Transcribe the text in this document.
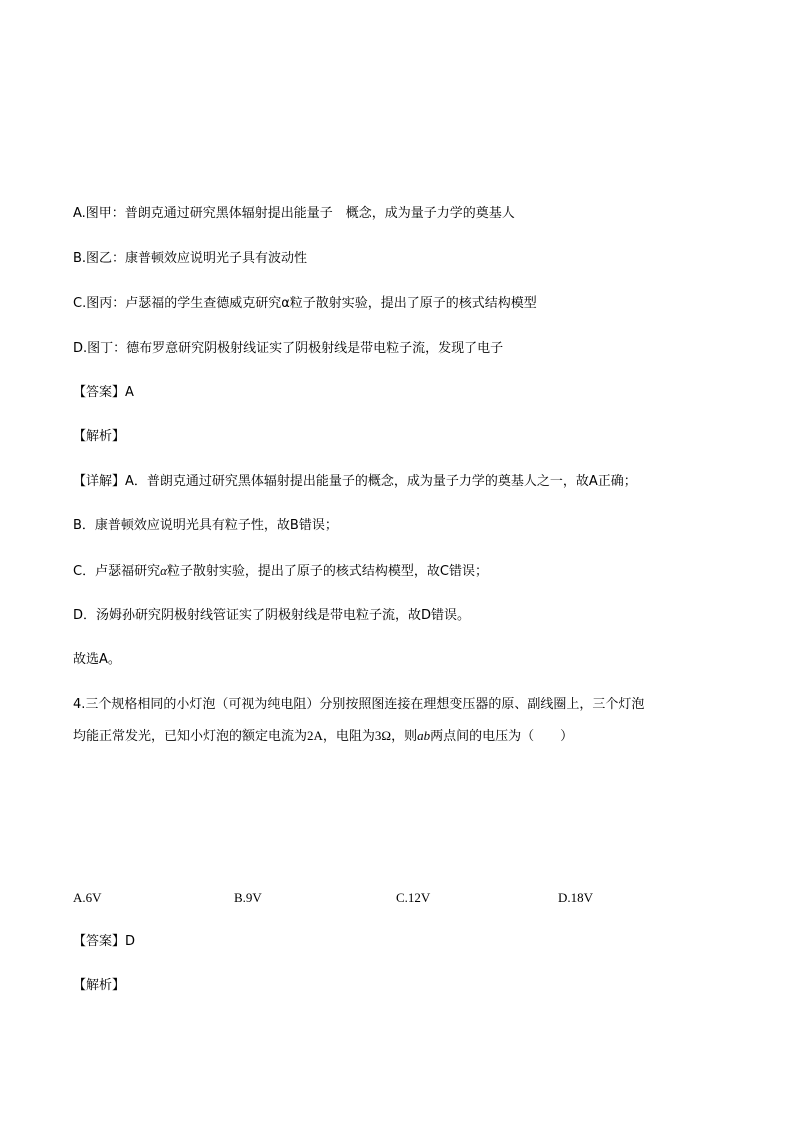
A.图甲：普朗克通过研究黑体辐射提出能量子　概念，成为量子力学的奠基人
B.图乙：康普顿效应说明光子具有波动性
C.图丙：卢瑟福的学生查德威克研究α粒子散射实验，提出了原子的核式结构模型
D.图丁：德布罗意研究阴极射线证实了阴极射线是带电粒子流，发现了电子
【答案】A
【解析】
【详解】A．普朗克通过研究黑体辐射提出能量子的概念，成为量子力学的奠基人之一，故A正确；
B．康普顿效应说明光具有粒子性，故B错误；
C．卢瑟福研究α粒子散射实验，提出了原子的核式结构模型，故C错误；
D．汤姆孙研究阴极射线管证实了阴极射线是带电粒子流，故D错误。
故选A。
4.三个规格相同的小灯泡（可视为纯电阻）分别按照图连接在理想变压器的原、副线圈上，三个灯泡
均能正常发光，已知小灯泡的额定电流为2A，电阻为3Ω，则ab两点间的电压为（　　）
A.6V	B.9V	C.12V	D.18V
【答案】D
【解析】
